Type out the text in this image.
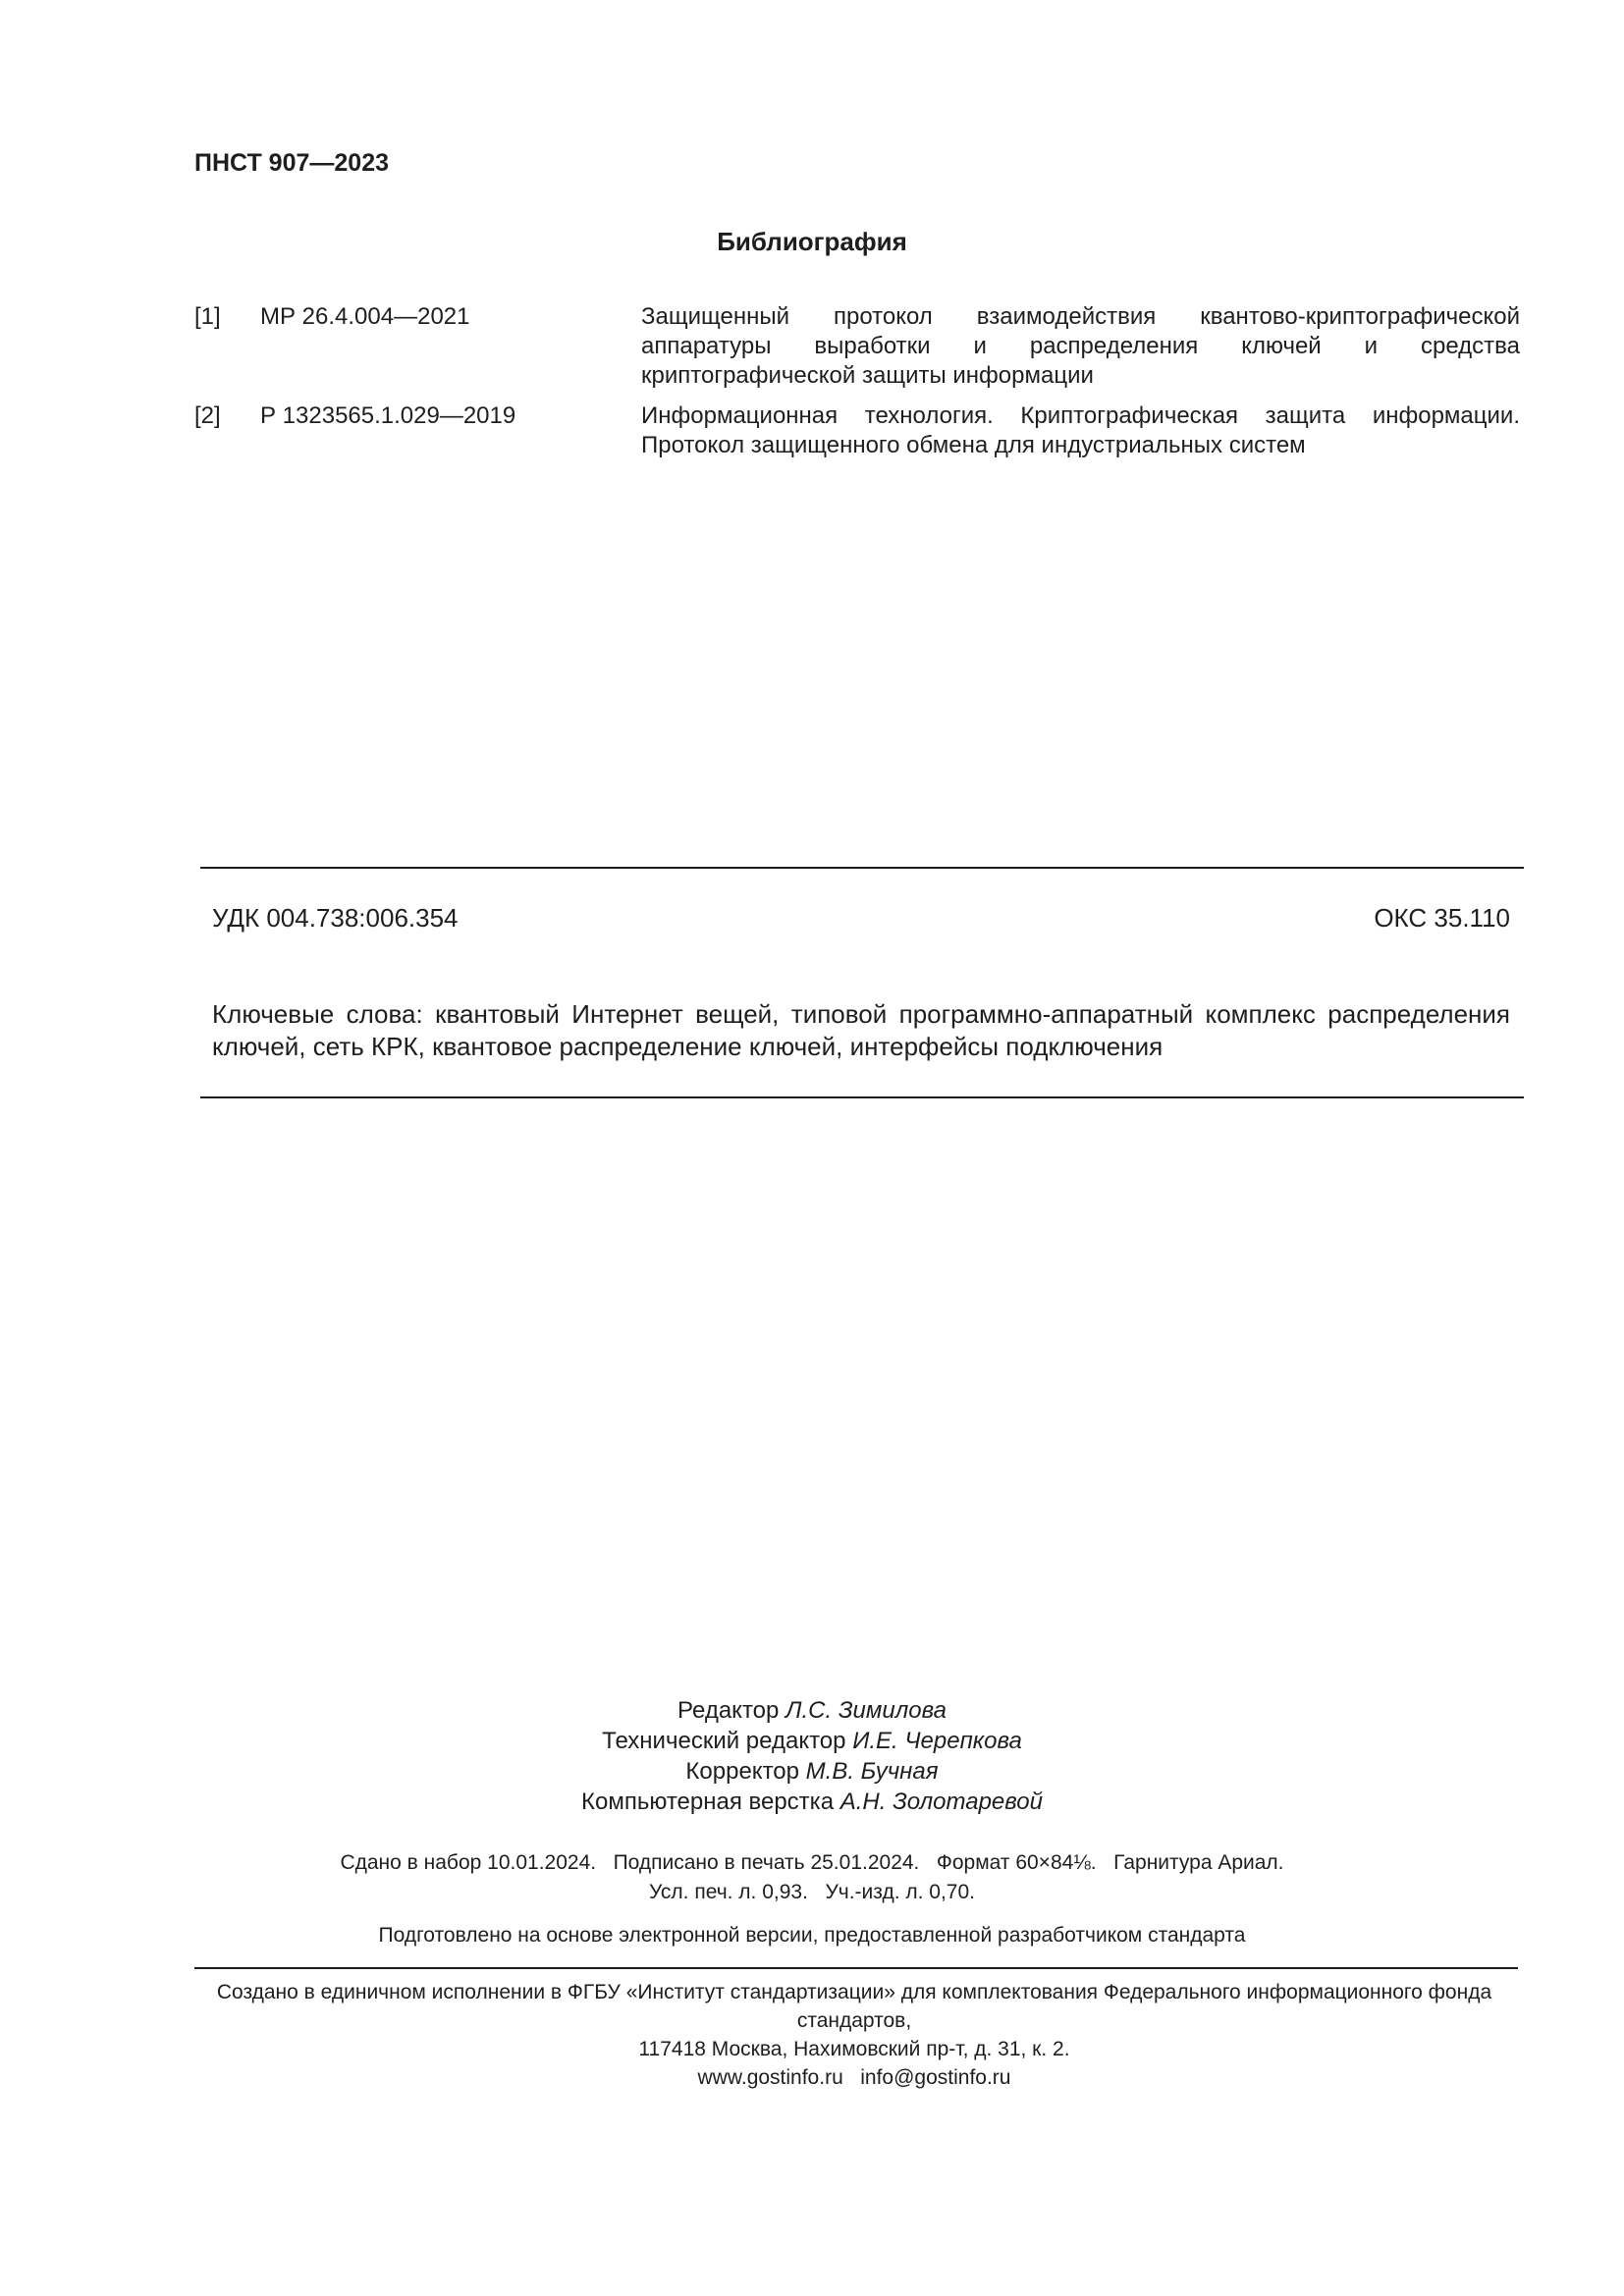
ПНСТ 907—2023
Библиография
[1] МР 26.4.004—2021	Защищенный протокол взаимодействия квантово-криптографической аппаратуры выработки и распределения ключей и средства криптографической защиты информации
[2] Р 1323565.1.029—2019	Информационная технология. Криптографическая защита информации. Протокол защищенного обмена для индустриальных систем
УДК 004.738:006.354	ОКС 35.110
Ключевые слова: квантовый Интернет вещей, типовой программно-аппаратный комплекс распределения ключей, сеть КРК, квантовое распределение ключей, интерфейсы подключения
Редактор Л.С. Зимилова
Технический редактор И.Е. Черепкова
Корректор М.В. Бучная
Компьютерная верстка А.Н. Золотаревой
Сдано в набор 10.01.2024.   Подписано в печать 25.01.2024.   Формат 60×84⅛.   Гарнитура Ариал.
Усл. печ. л. 0,93.   Уч.-изд. л. 0,70.
Подготовлено на основе электронной версии, предоставленной разработчиком стандарта
Создано в единичном исполнении в ФГБУ «Институт стандартизации» для комплектования Федерального информационного фонда стандартов,
117418 Москва, Нахимовский пр-т, д. 31, к. 2.
www.gostinfo.ru   info@gostinfo.ru
